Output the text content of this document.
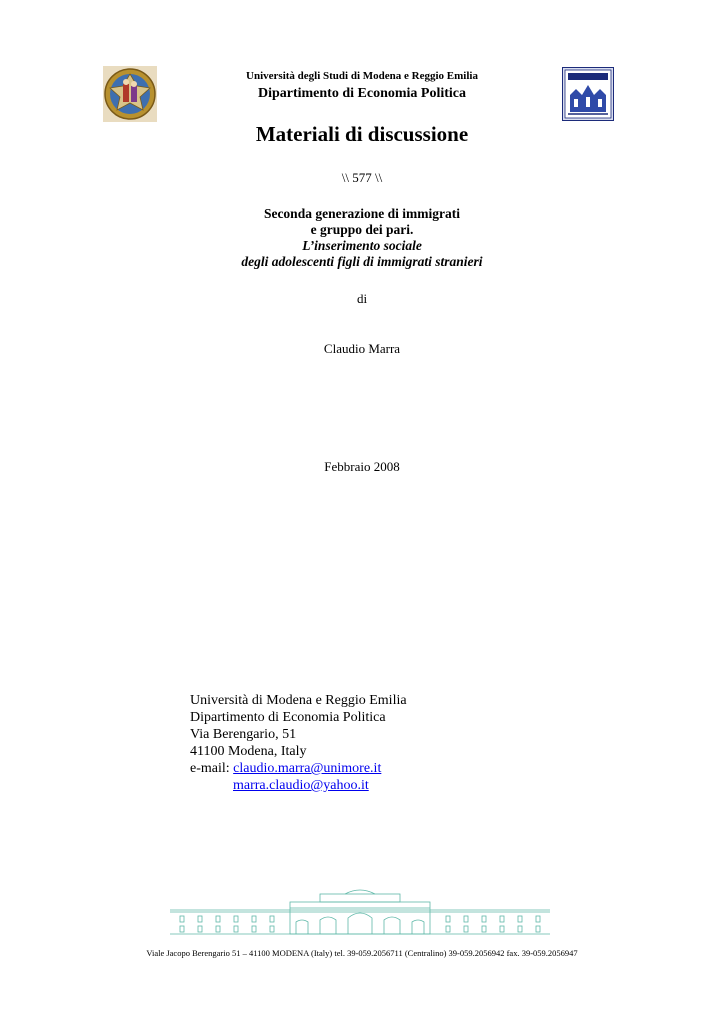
Università degli Studi di Modena e Reggio Emilia
Dipartimento di Economia Politica
Materiali di discussione
\\ 577 \\
Seconda generazione di immigrati
e gruppo dei pari.
L’inserimento sociale
degli adolescenti figli di immigrati stranieri
di
Claudio Marra
Febbraio 2008
Università di Modena e Reggio Emilia
Dipartimento di Economia Politica
Via Berengario, 51
41100 Modena, Italy
e-mail: claudio.marra@unimore.it
marra.claudio@yahoo.it
Viale Jacopo Berengario 51 – 41100 MODENA (Italy) tel. 39-059.2056711 (Centralino) 39-059.2056942 fax. 39-059.2056947
